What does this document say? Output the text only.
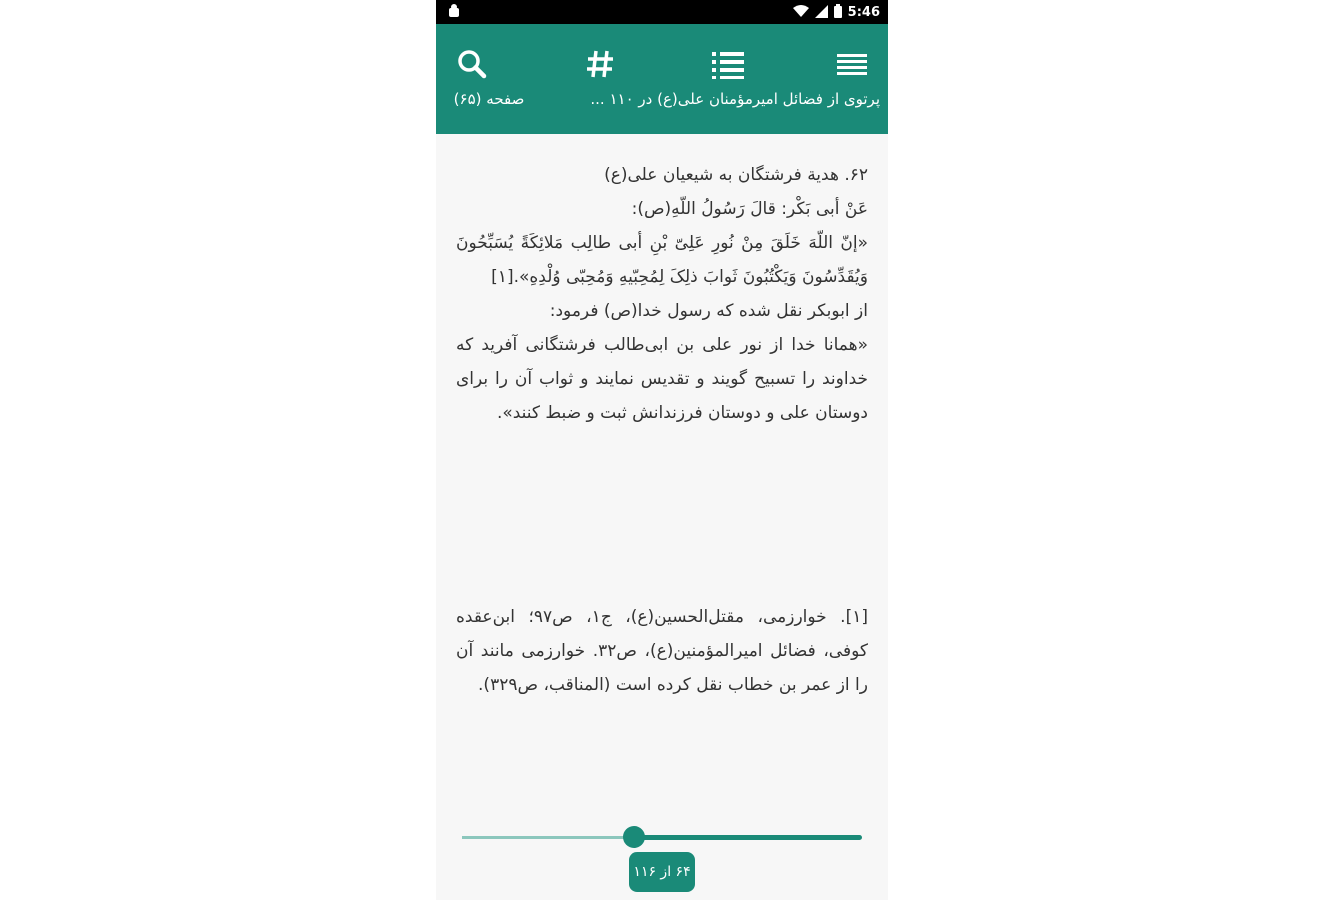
5:46
پرتوی از فضائل امیرمؤمنان علی(ع) در ۱۱۰ ...
صفحه (۶۵)

۶۲. هدیة فرشتگان به شیعیان علی(ع)

عَنْ أبی بَکْر: قالَ رَسُولُ اللّهِ(ص):

«إنّ اللّهَ خَلَقَ مِنْ نُورِ عَلِیّ بْنِ أبی طالِب مَلائِکَةً یُسَبِّحُونَ وَیُقَدِّسُونَ وَیَکْتُبُونَ ثَوابَ ذلِکَ لِمُحِبّیهِ وَمُحِبّی وُلْدِهِ».[۱]

از ابوبکر نقل شده که رسول خدا(ص) فرمود:

«همانا خدا از نور علی بن ابی‌طالب فرشتگانی آفرید که خداوند را تسبیح گویند و تقدیس نمایند و ثواب آن را برای دوستان علی و دوستان فرزندانش ثبت و ضبط کنند».

[۱]. خوارزمی، مقتل‌الحسین(ع)، ج۱، ص۹۷؛ ابن‌عقده کوفی، فضائل امیرالمؤمنین(ع)، ص۳۲. خوارزمی مانند آن را از عمر بن خطاب نقل کرده است (المناقب، ص۳۲۹).

۶۴ از ۱۱۶
